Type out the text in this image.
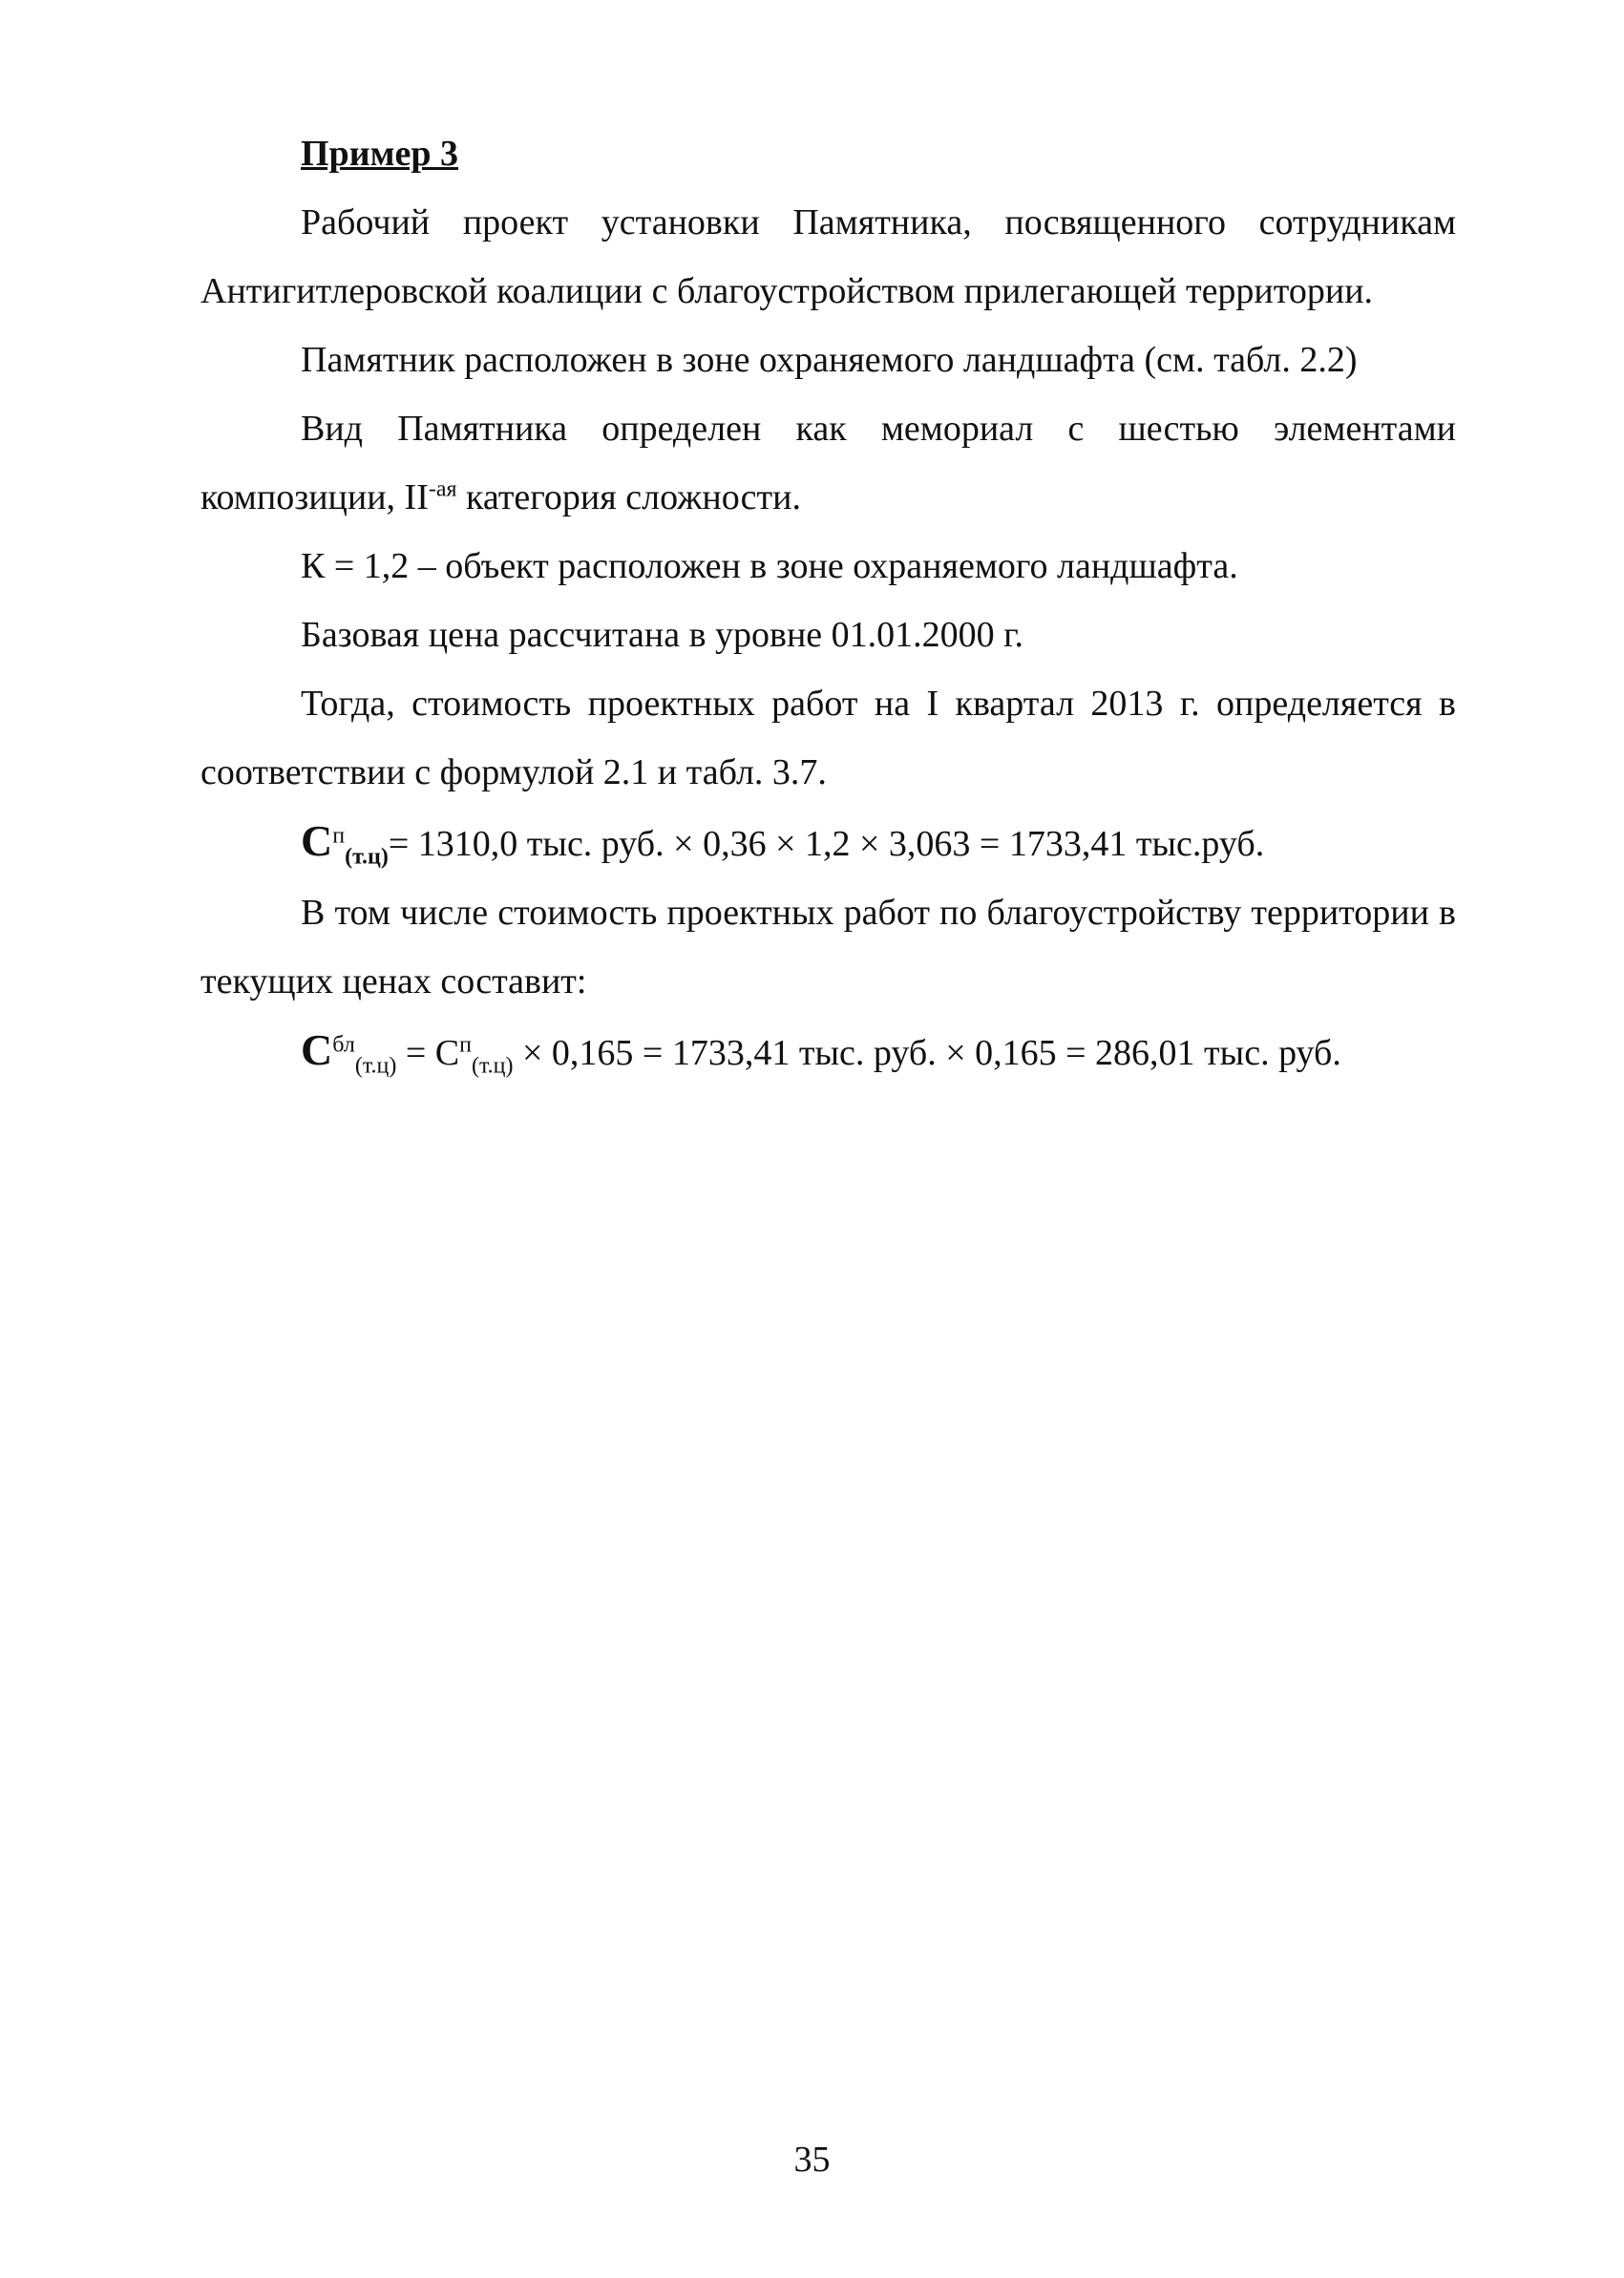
Пример 3

Рабочий проект установки Памятника, посвященного сотрудникам Антигитлеровской коалиции с благоустройством прилегающей территории.

Памятник расположен в зоне охраняемого ландшафта (см. табл. 2.2)

Вид Памятника определен как мемориал с шестью элементами композиции, $II^{-ая}$ категория сложности.

К = 1,2 – объект расположен в зоне охраняемого ландшафта.

Базовая цена рассчитана в уровне 01.01.2000 г.

Тогда, стоимость проектных работ на I квартал 2013 г. определяется в соответствии с формулой 2.1 и табл. 3.7.

$C^п_{(т.ц)}= 1310,0$ тыс. руб. × 0,36 × 1,2 × 3,063 = 1733,41 тыс.руб.

В том числе стоимость проектных работ по благоустройству территории в текущих ценах составит:

$C^{бл}_{(т.ц)} = C^п_{(т.ц)} \times 0,165 = 1733,41$ тыс. руб. × 0,165 = 286,01 тыс. руб.

35
